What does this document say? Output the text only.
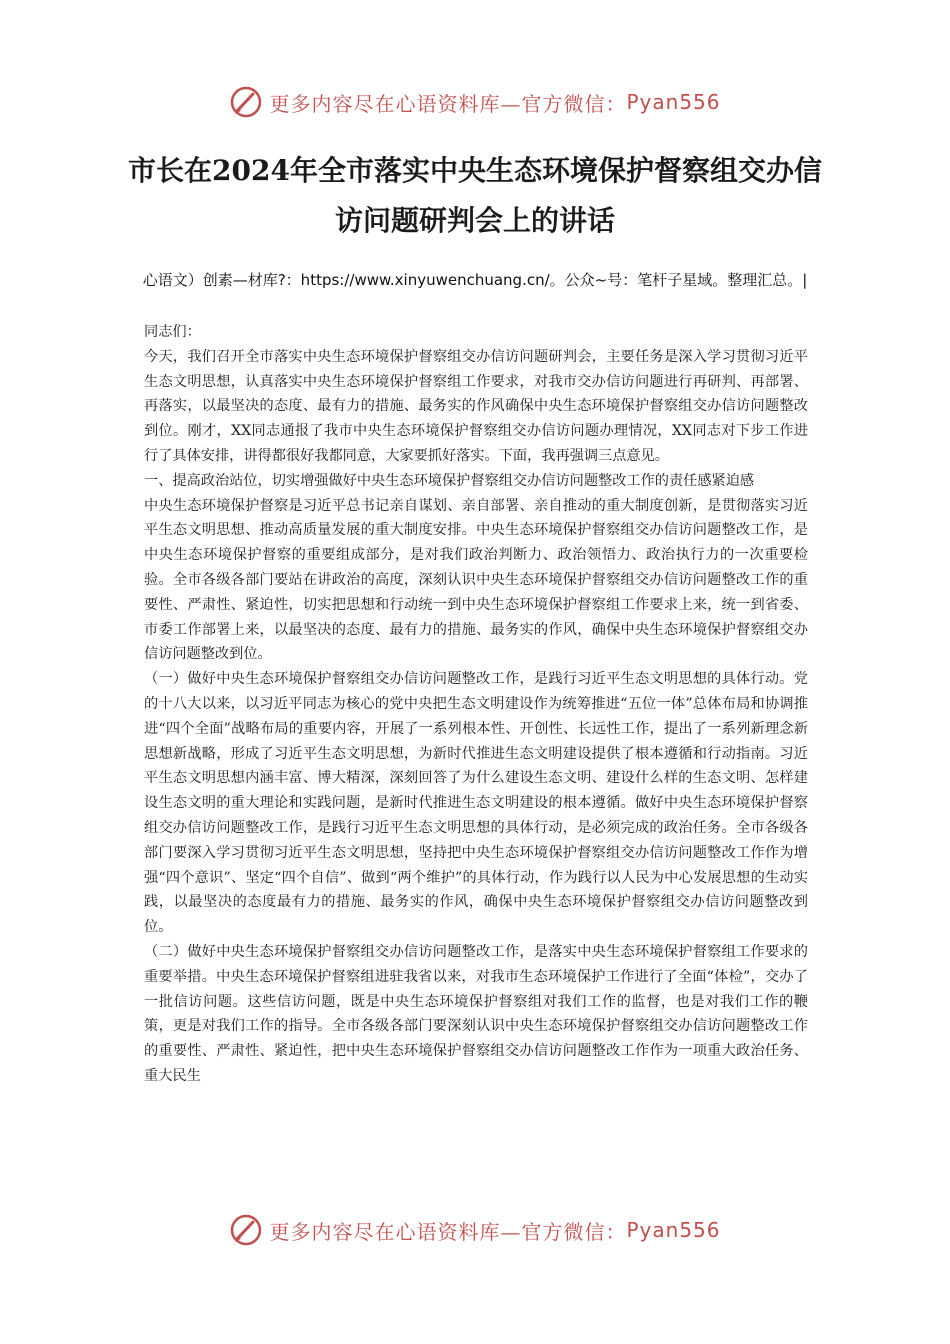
更多内容尽在心语资料库—官方微信： Pyan556
市长在2024年全市落实中央生态环境保护督察组交办信访问题研判会上的讲话
心语文）创素—材库?：https://www.xinyuwenchuang.cn/。公众~号：笔杆子星域。整理汇总。|

同志们：

今天，我们召开全市落实中央生态环境保护督察组交办信访问题研判会，主要任务是深入学习贯彻习近平生态文明思想，认真落实中央生态环境保护督察组工作要求，对我市交办信访问题进行再研判、再部署、再落实，以最坚决的态度、最有力的措施、最务实的作风确保中央生态环境保护督察组交办信访问题整改到位。刚才，XX同志通报了我市中央生态环境保护督察组交办信访问题办理情况，XX同志对下步工作进行了具体安排，讲得都很好我都同意，大家要抓好落实。下面，我再强调三点意见。

一、提高政治站位，切实增强做好中央生态环境保护督察组交办信访问题整改工作的责任感紧迫感

中央生态环境保护督察是习近平总书记亲自谋划、亲自部署、亲自推动的重大制度创新，是贯彻落实习近平生态文明思想、推动高质量发展的重大制度安排。中央生态环境保护督察组交办信访问题整改工作，是中央生态环境保护督察的重要组成部分，是对我们政治判断力、政治领悟力、政治执行力的一次重要检验。全市各级各部门要站在讲政治的高度，深刻认识中央生态环境保护督察组交办信访问题整改工作的重要性、严肃性、紧迫性，切实把思想和行动统一到中央生态环境保护督察组工作要求上来，统一到省委、市委工作部署上来，以最坚决的态度、最有力的措施、最务实的作风，确保中央生态环境保护督察组交办信访问题整改到位。

（一）做好中央生态环境保护督察组交办信访问题整改工作，是践行习近平生态文明思想的具体行动。党的十八大以来，以习近平同志为核心的党中央把生态文明建设作为统筹推进“五位一体”总体布局和协调推进“四个全面”战略布局的重要内容，开展了一系列根本性、开创性、长远性工作，提出了一系列新理念新思想新战略，形成了习近平生态文明思想，为新时代推进生态文明建设提供了根本遵循和行动指南。习近平生态文明思想内涵丰富、博大精深，深刻回答了为什么建设生态文明、建设什么样的生态文明、怎样建设生态文明的重大理论和实践问题，是新时代推进生态文明建设的根本遵循。做好中央生态环境保护督察组交办信访问题整改工作，是践行习近平生态文明思想的具体行动，是必须完成的政治任务。全市各级各部门要深入学习贯彻习近平生态文明思想，坚持把中央生态环境保护督察组交办信访问题整改工作作为增强“四个意识”、坚定“四个自信”、做到“两个维护”的具体行动，作为践行以人民为中心发展思想的生动实践，以最坚决的态度最有力的措施、最务实的作风，确保中央生态环境保护督察组交办信访问题整改到位。

（二）做好中央生态环境保护督察组交办信访问题整改工作，是落实中央生态环境保护督察组工作要求的重要举措。中央生态环境保护督察组进驻我省以来，对我市生态环境保护工作进行了全面“体检”，交办了一批信访问题。这些信访问题，既是中央生态环境保护督察组对我们工作的监督，也是对我们工作的鞭策，更是对我们工作的指导。全市各级各部门要深刻认识中央生态环境保护督察组交办信访问题整改工作的重要性、严肃性、紧迫性，把中央生态环境保护督察组交办信访问题整改工作作为一项重大政治任务、重大民生

更多内容尽在心语资料库—官方微信： Pyan556
